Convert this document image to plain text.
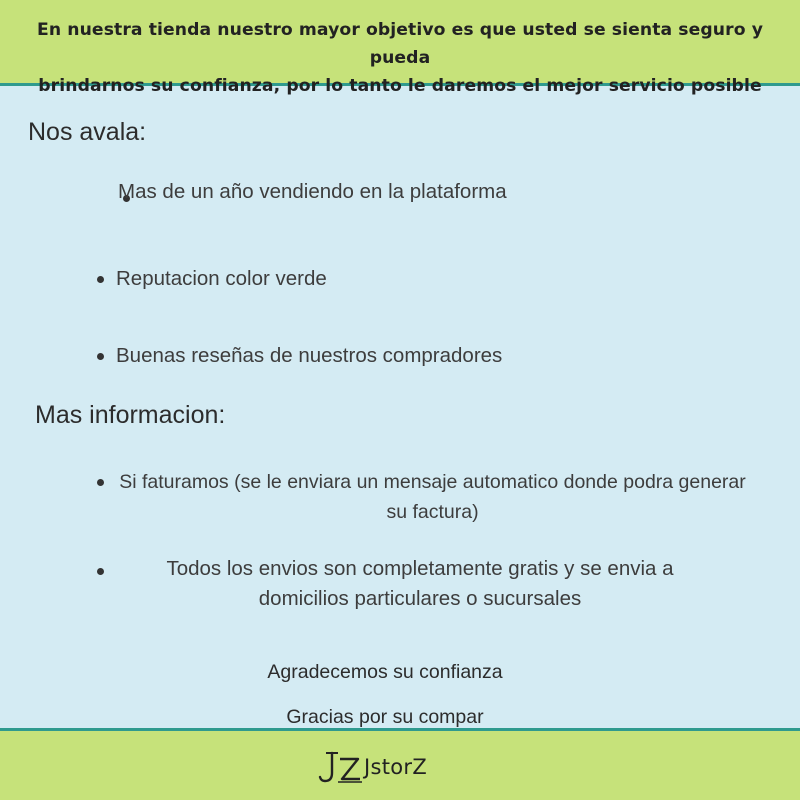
En nuestra tienda nuestro mayor objetivo es que usted se sienta seguro y pueda
brindarnos su confianza, por lo tanto le daremos el mejor servicio posible
Nos avala:
Mas de un año vendiendo en la plataforma
Reputacion color verde
Buenas reseñas de nuestros compradores
Mas informacion:
Si faturamos (se le enviara un mensaje automatico donde podra generar
su factura)
Todos los envios son completamente gratis y se envia a
domicilios particulares o sucursales
Agradecemos su confianza
Gracias por su compar
JstorZ
